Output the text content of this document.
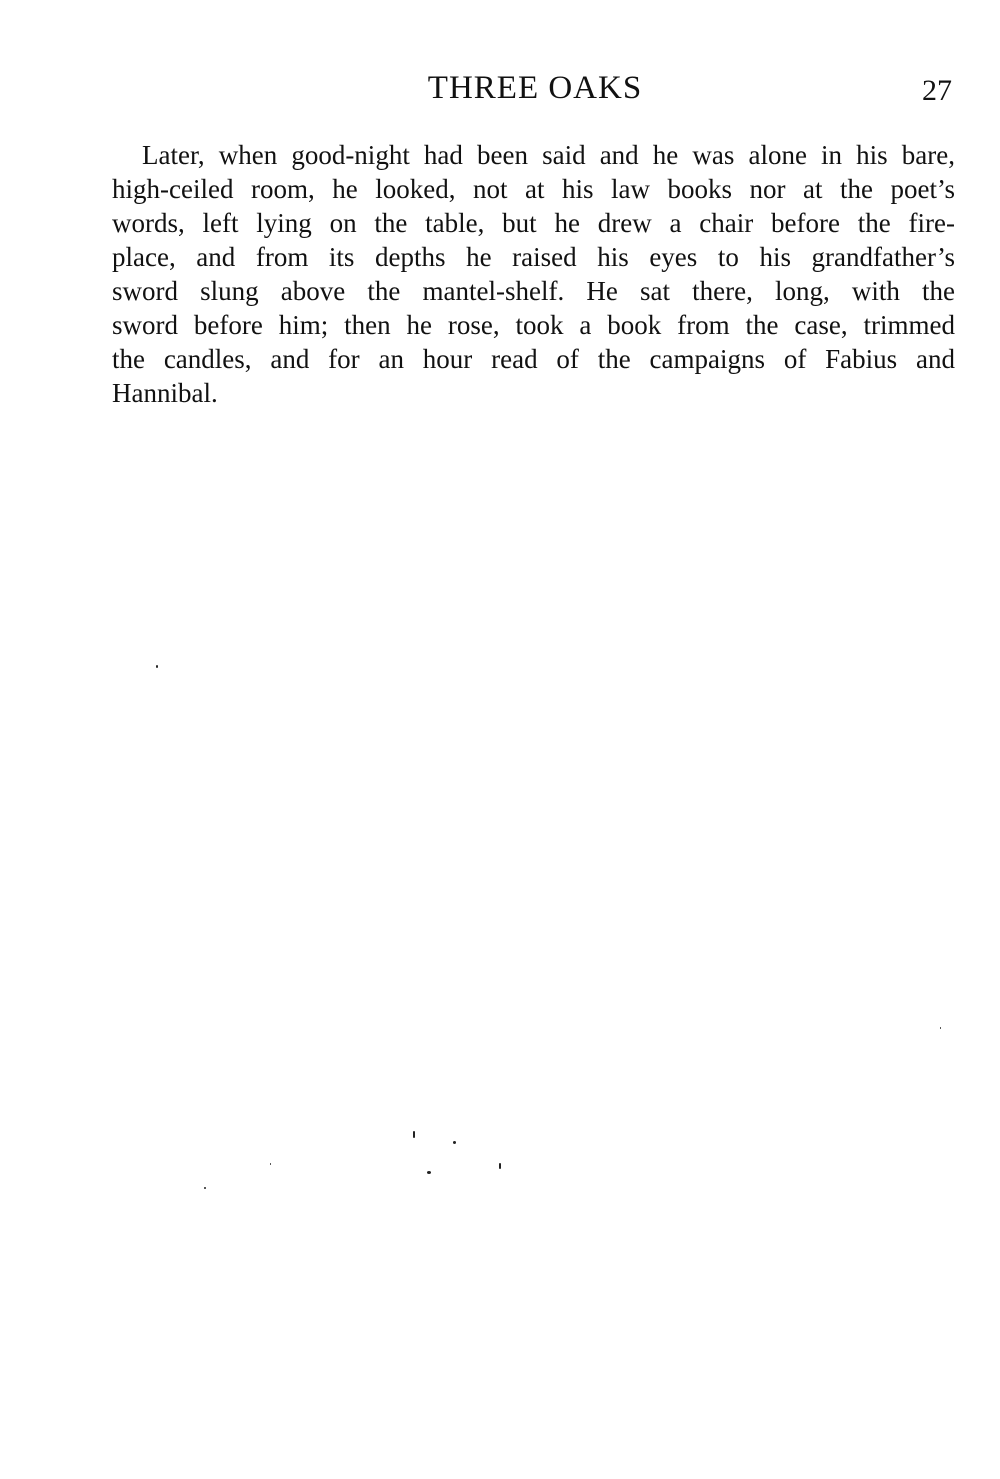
THREE OAKS	27
Later, when good-night had been said and he was alone in his bare,
high-ceiled room, he looked, not at his law books nor at the poet’s
words, left lying on the table, but he drew a chair before the fire-
place, and from its depths he raised his eyes to his grandfather’s
sword slung above the mantel-shelf. He sat there, long, with the
sword before him; then he rose, took a book from the case, trimmed
the candles, and for an hour read of the campaigns of Fabius and
Hannibal.
